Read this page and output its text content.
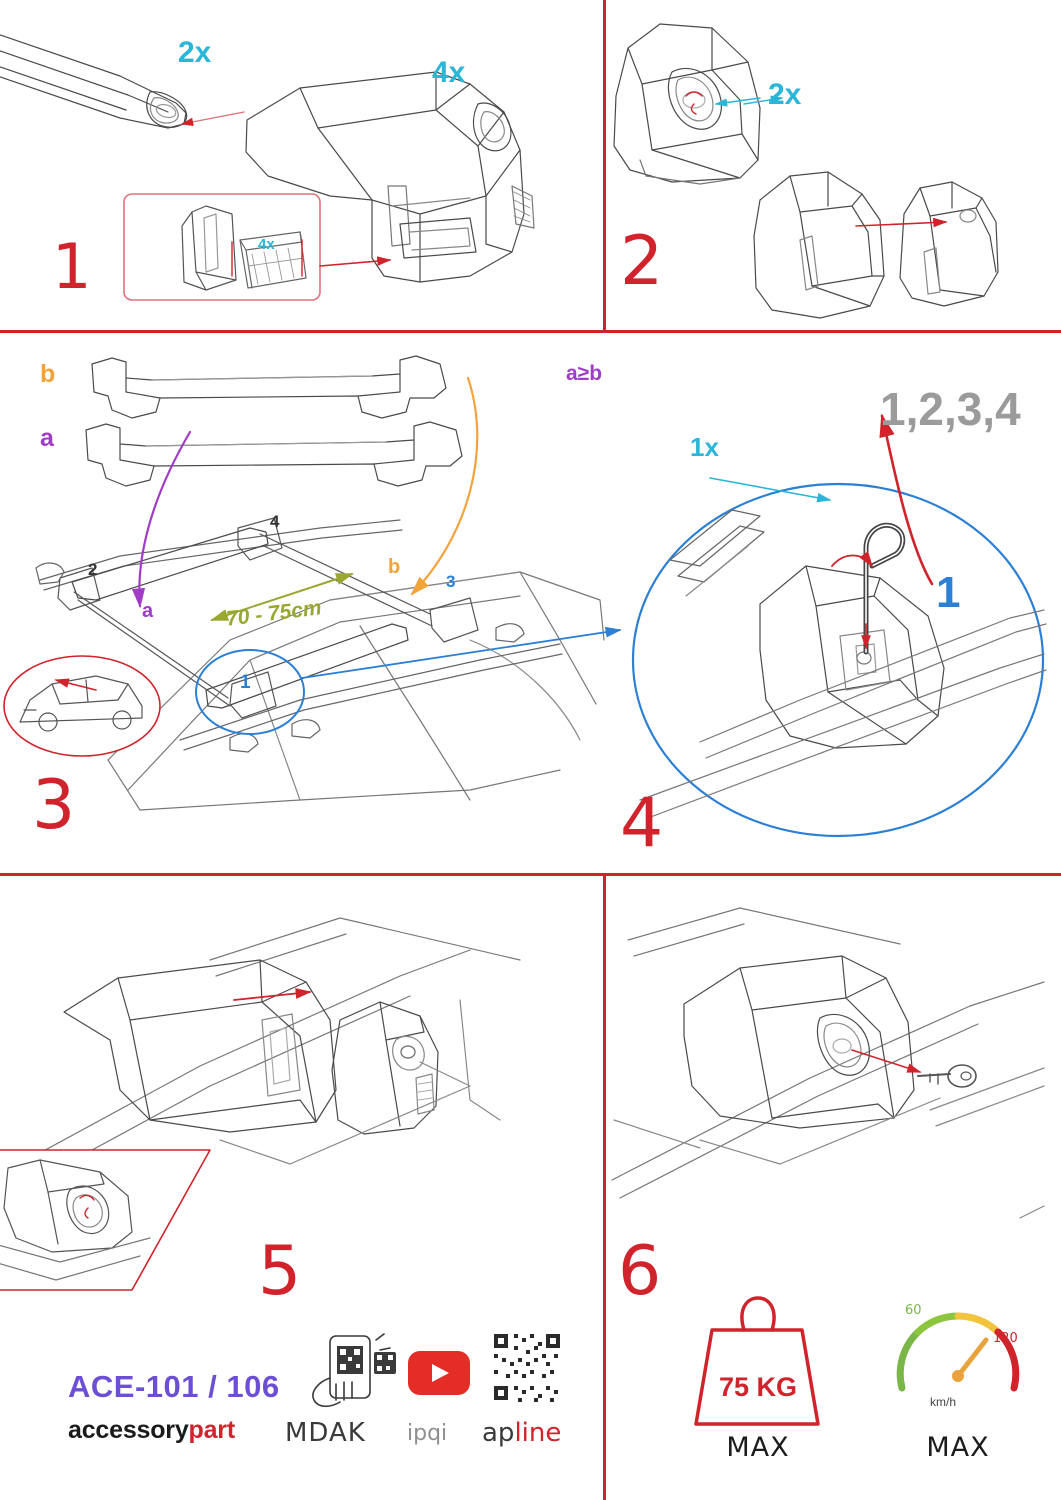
2x
4x
4x
1
2x
2
b
a
a
b
a≥b
70 - 75cm
2
4
3
1
3
1x
1,2,3,4
1
4
5	6
ACE-101 / 106
accessorypart MDAK ipqi apline
75 KG
MAX
km/h
60
120
MAX
